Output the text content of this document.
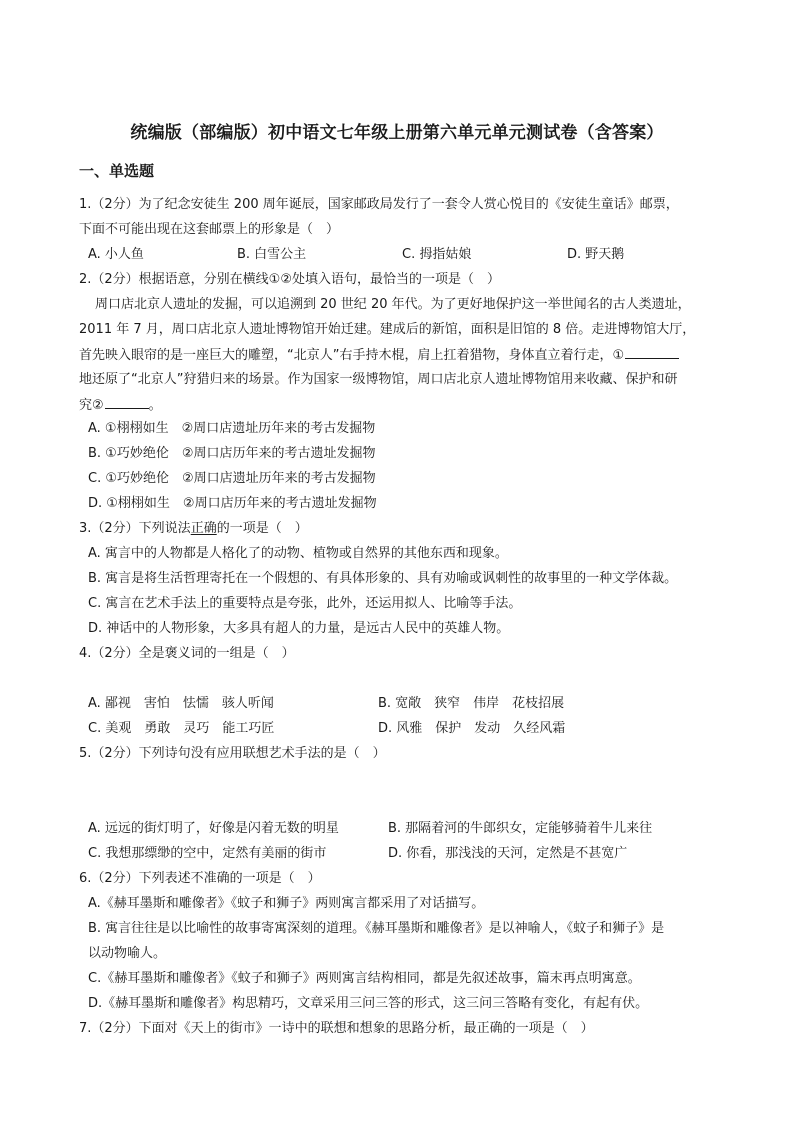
统编版（部编版）初中语文七年级上册第六单元单元测试卷（含答案）
一、单选题
1.（2分）为了纪念安徒生 200 周年诞辰，国家邮政局发行了一套令人赏心悦目的《安徒生童话》邮票，
下面不可能出现在这套邮票上的形象是（　）
A. 小人鱼	B. 白雪公主	C. 拇指姑娘	D. 野天鹅
2.（2分）根据语意，分别在横线①②处填入语句，最恰当的一项是（　）
周口店北京人遗址的发掘，可以追溯到 20 世纪 20 年代。为了更好地保护这一举世闻名的古人类遗址，
2011 年 7 月，周口店北京人遗址博物馆开始迁建。建成后的新馆，面积是旧馆的 8 倍。走进博物馆大厅，
首先映入眼帘的是一座巨大的雕塑，“北京人”右手持木棍，肩上扛着猎物，身体直立着行走，①
地还原了“北京人”狩猎归来的场景。作为国家一级博物馆，周口店北京人遗址博物馆用来收藏、保护和研
究②	。
A. ①栩栩如生　②周口店遗址历年来的考古发掘物
B. ①巧妙绝伦　②周口店历年来的考古遗址发掘物
C. ①巧妙绝伦　②周口店遗址历年来的考古发掘物
D. ①栩栩如生　②周口店历年来的考古遗址发掘物
3.（2分）下列说法正确的一项是（　）
A. 寓言中的人物都是人格化了的动物、植物或自然界的其他东西和现象。
B. 寓言是将生活哲理寄托在一个假想的、有具体形象的、具有劝喻或讽刺性的故事里的一种文学体裁。
C. 寓言在艺术手法上的重要特点是夸张，此外，还运用拟人、比喻等手法。
D. 神话中的人物形象，大多具有超人的力量，是远古人民中的英雄人物。
4.（2分）全是褒义词的一组是（　）
A. 鄙视　害怕　怯懦　骇人听闻	B. 宽敞　狭窄　伟岸　花枝招展
C. 美观　勇敢　灵巧　能工巧匠	D. 风雅　保护　发动　久经风霜
5.（2分）下列诗句没有应用联想艺术手法的是（　）
A. 远远的街灯明了，好像是闪着无数的明星	B. 那隔着河的牛郎织女，定能够骑着牛儿来往
C. 我想那缥缈的空中，定然有美丽的街市	D. 你看，那浅浅的天河，定然是不甚宽广
6.（2分）下列表述不准确的一项是（　）
A.《赫耳墨斯和雕像者》《蚊子和狮子》两则寓言都采用了对话描写。
B. 寓言往往是以比喻性的故事寄寓深刻的道理。《赫耳墨斯和雕像者》是以神喻人，《蚊子和狮子》是
以动物喻人。
C.《赫耳墨斯和雕像者》《蚊子和狮子》两则寓言结构相同，都是先叙述故事，篇末再点明寓意。
D.《赫耳墨斯和雕像者》构思精巧，文章采用三问三答的形式，这三问三答略有变化，有起有伏。
7.（2分）下面对《天上的街市》一诗中的联想和想象的思路分析，最正确的一项是（　）
